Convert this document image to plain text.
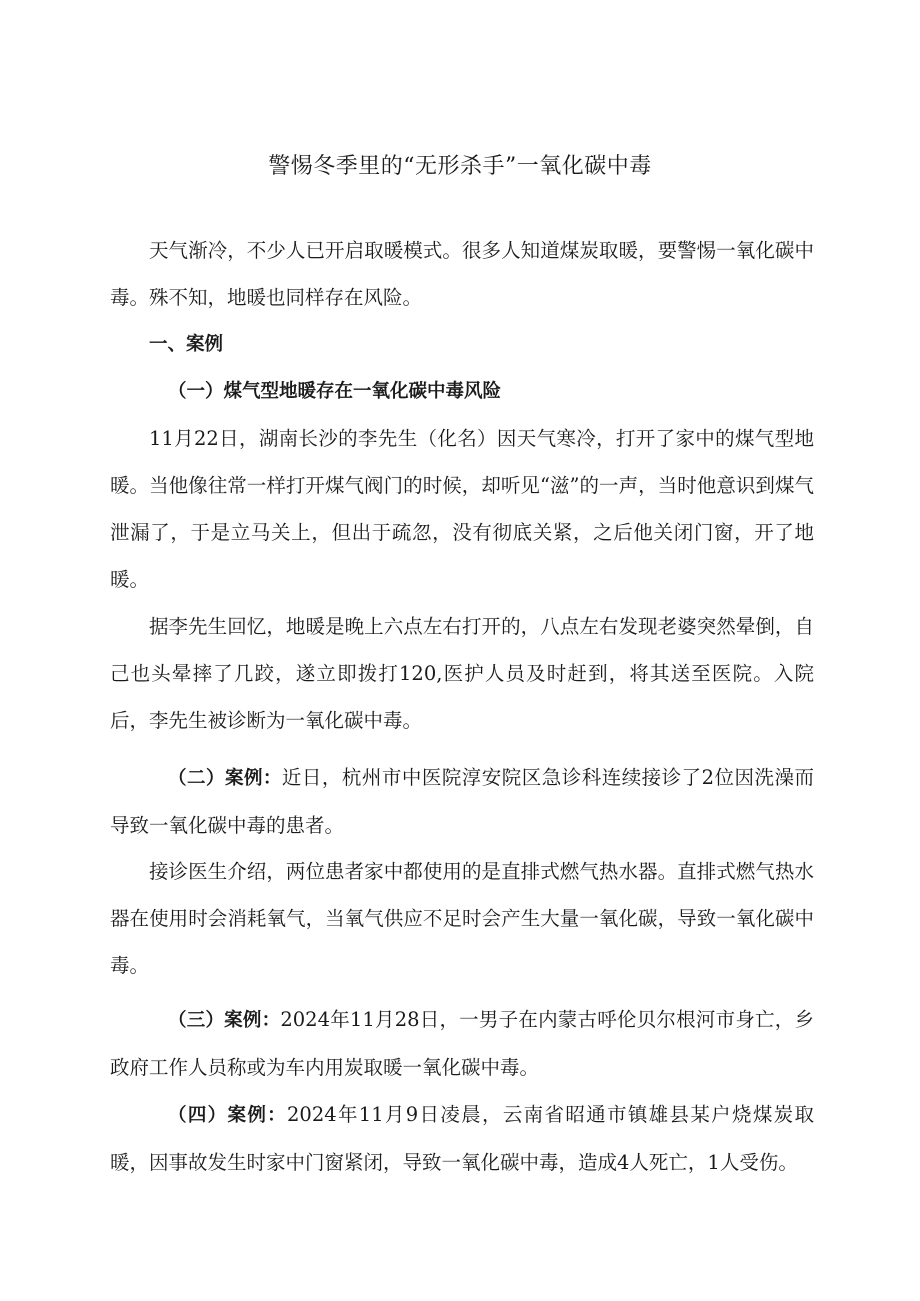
警惕冬季里的“无形杀手”一氧化碳中毒

天气渐冷，不少人已开启取暖模式。很多人知道煤炭取暖，要警惕一氧化碳中毒。殊不知，地暖也同样存在风险。

一、案例

（一）煤气型地暖存在一氧化碳中毒风险

11月22日，湖南长沙的李先生（化名）因天气寒冷，打开了家中的煤气型地暖。当他像往常一样打开煤气阀门的时候，却听见“滋”的一声，当时他意识到煤气泄漏了，于是立马关上，但出于疏忽，没有彻底关紧，之后他关闭门窗，开了地暖。

据李先生回忆，地暖是晚上六点左右打开的，八点左右发现老婆突然晕倒，自己也头晕摔了几跤，遂立即拨打120,医护人员及时赶到，将其送至医院。入院后，李先生被诊断为一氧化碳中毒。

（二）案例：近日，杭州市中医院淳安院区急诊科连续接诊了2位因洗澡而导致一氧化碳中毒的患者。

接诊医生介绍，两位患者家中都使用的是直排式燃气热水器。直排式燃气热水器在使用时会消耗氧气，当氧气供应不足时会产生大量一氧化碳，导致一氧化碳中毒。

（三）案例：2024年11月28日，一男子在内蒙古呼伦贝尔根河市身亡，乡政府工作人员称或为车内用炭取暖一氧化碳中毒。

（四）案例：2024年11月9日凌晨，云南省昭通市镇雄县某户烧煤炭取暖，因事故发生时家中门窗紧闭，导致一氧化碳中毒，造成4人死亡，1人受伤。
